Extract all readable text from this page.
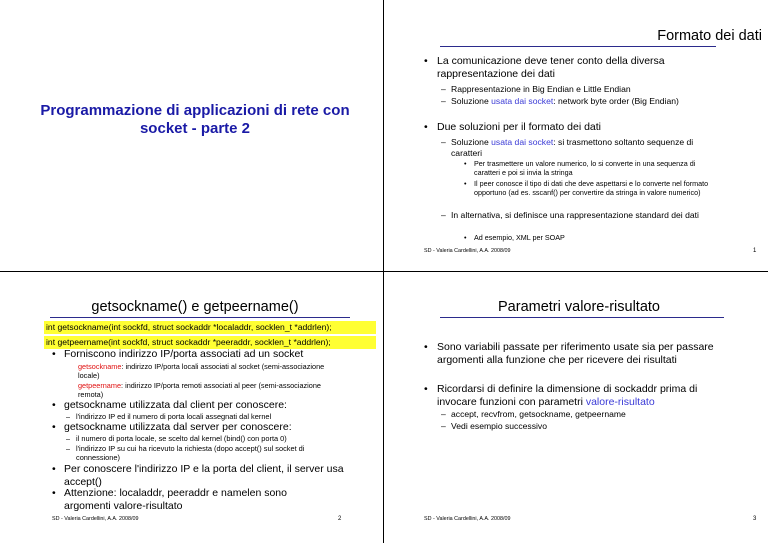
Programmazione di applicazioni di rete con socket - parte 2
Formato dei dati
• La comunicazione deve tener conto della diversa rappresentazione dei dati
– Rappresentazione in Big Endian e Little Endian
– Soluzione usata dai socket: network byte order (Big Endian)
• Due soluzioni per il formato dei dati
– Soluzione usata dai socket: si trasmettono soltanto sequenze di caratteri
• Per trasmettere un valore numerico, lo si converte in una sequenza di caratteri e poi si invia la stringa
• Il peer conosce il tipo di dati che deve aspettarsi e lo converte nel formato opportuno (ad es. sscanf() per convertire da stringa in valore numerico)
– In alternativa, si definisce una rappresentazione standard dei dati
• Ad esempio, XML per SOAP
SD - Valeria Cardellini, A.A. 2008/09	1
getsockname() e getpeername()
int getsockname(int sockfd, struct sockaddr *localaddr, socklen_t *addrlen);
int getpeername(int sockfd, struct sockaddr *peeraddr, socklen_t *addrlen);
• Forniscono indirizzo IP/porta associati ad un socket
getsockname: indirizzo IP/porta locali associati al socket (semi-associazione locale)
getpeername: indirizzo IP/porta remoti associati al peer (semi-associazione remota)
• getsockname utilizzata dal client per conoscere:
– l'indirizzo IP ed il numero di porta locali assegnati dal kernel
• getsockname utilizzata dal server per conoscere:
– il numero di porta locale, se scelto dal kernel (bind() con porta 0)
– l'indirizzo IP su cui ha ricevuto la richiesta (dopo accept() sul socket di connessione)
• Per conoscere l'indirizzo IP e la porta del client, il server usa accept()
• Attenzione: localaddr, peeraddr e namelen sono argomenti valore-risultato
SD - Valeria Cardellini, A.A. 2008/09	2
Parametri valore-risultato
• Sono variabili passate per riferimento usate sia per passare argomenti alla funzione che per ricevere dei risultati
• Ricordarsi di definire la dimensione di sockaddr prima di invocare funzioni con parametri valore-risultato
– accept, recvfrom, getsockname, getpeername
– Vedi esempio successivo
SD - Valeria Cardellini, A.A. 2008/09	3
